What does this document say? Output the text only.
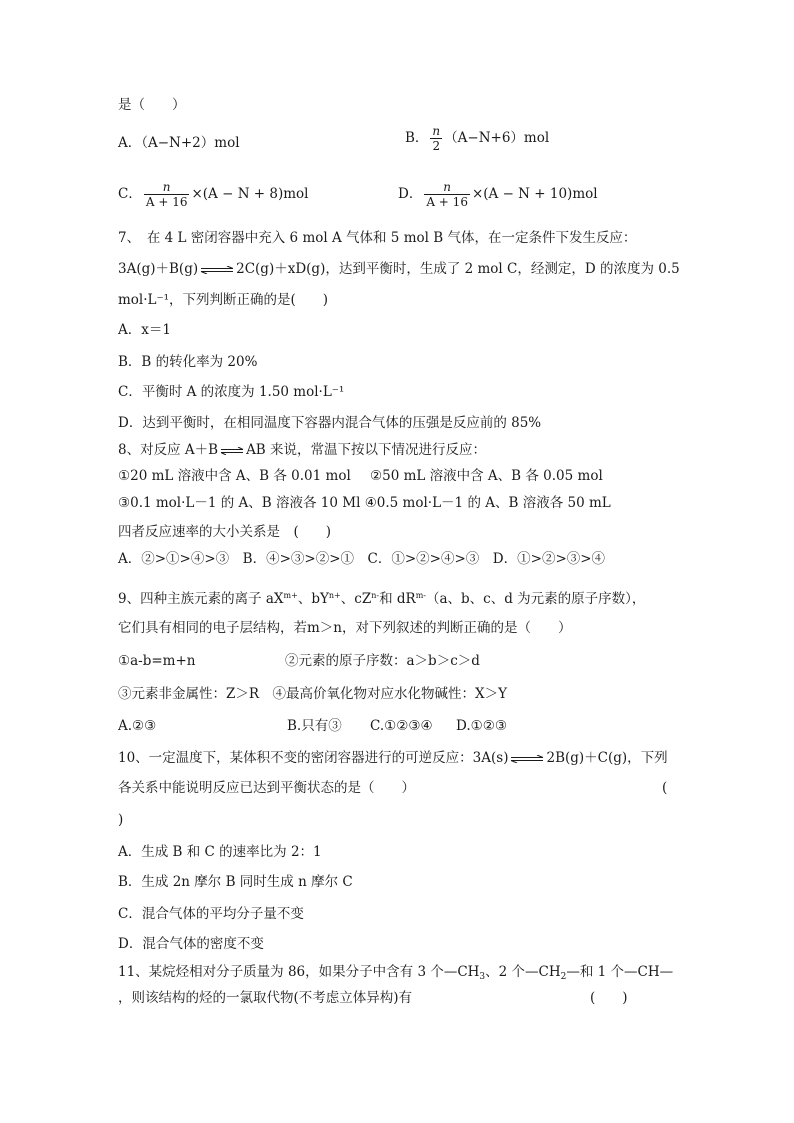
是（　　）
A．（A−N+2）mol	B． $\frac{n}{2} (A-N+6)mol$
C． $\frac{n}{A + 16} \times(A - N + 8)mol$	D． $\frac{n}{A + 16} \times(A - N + 10)mol$
7、　在 4 L 密闭容器中充入 6 mol A 气体和 5 mol B 气体，在一定条件下发生反应：
3A(g)＋B(g) ⇌ 2C(g)＋xD(g)，达到平衡时，生成了 2 mol C，经测定，D 的浓度为 0.5
mol·L⁻¹，下列判断正确的是(　　)
A．x＝1
B．B 的转化率为 20%
C．平衡时 A 的浓度为 1.50 mol·L⁻¹
D．达到平衡时，在相同温度下容器内混合气体的压强是反应前的 85%
8、对反应 A＋B ⇌ AB 来说，常温下按以下情况进行反应：
①20 mL 溶液中含 A、B 各 0.01 mol ②50 mL 溶液中含 A、B 各 0.05 mol
③0.1 mol·L－1 的 A、B 溶液各 10 Ml ④0.5 mol·L－1 的 A、B 溶液各 50 mL
四者反应速率的大小关系是　(　　)
A．②>①>④>③　B．④>③>②>①　C．①>②>④>③　D．①>②>③>④
9、四种主族元素的离子 $aX^{m+}$、$bY^{n+}$、$cZ^{n-}$和 $dR^{m-}(a$、b、c、d 为元素的原子序数），
它们具有相同的电子层结构，若m＞n，对下列叙述的判断正确的是（　　）
①a-b=m+n	②元素的原子序数：a＞b＞c＞d
③元素非金属性：Z＞R　④最高价氧化物对应水化物碱性：X＞Y
A.②③	B.只有③ C.①②③④ D.①②③
10、一定温度下，某体积不变的密闭容器进行的可逆反应：3A(s) ⇌ 2B(g)＋C(g)，下列
各关系中能说明反应已达到平衡状态的是（　　）	(
)
A．生成 B 和 C 的速率比为 2：1
B．生成 2n 摩尔 B 同时生成 n 摩尔 C
C．混合气体的平均分子量不变
D．混合气体的密度不变
11、某烷烃相对分子质量为 86，如果分子中含有 3 个$—CH_3$、2 个$—CH_2—$和 1 个—CH—
，则该结构的烃的一氯取代物(不考虑立体异构)有	(　　)
